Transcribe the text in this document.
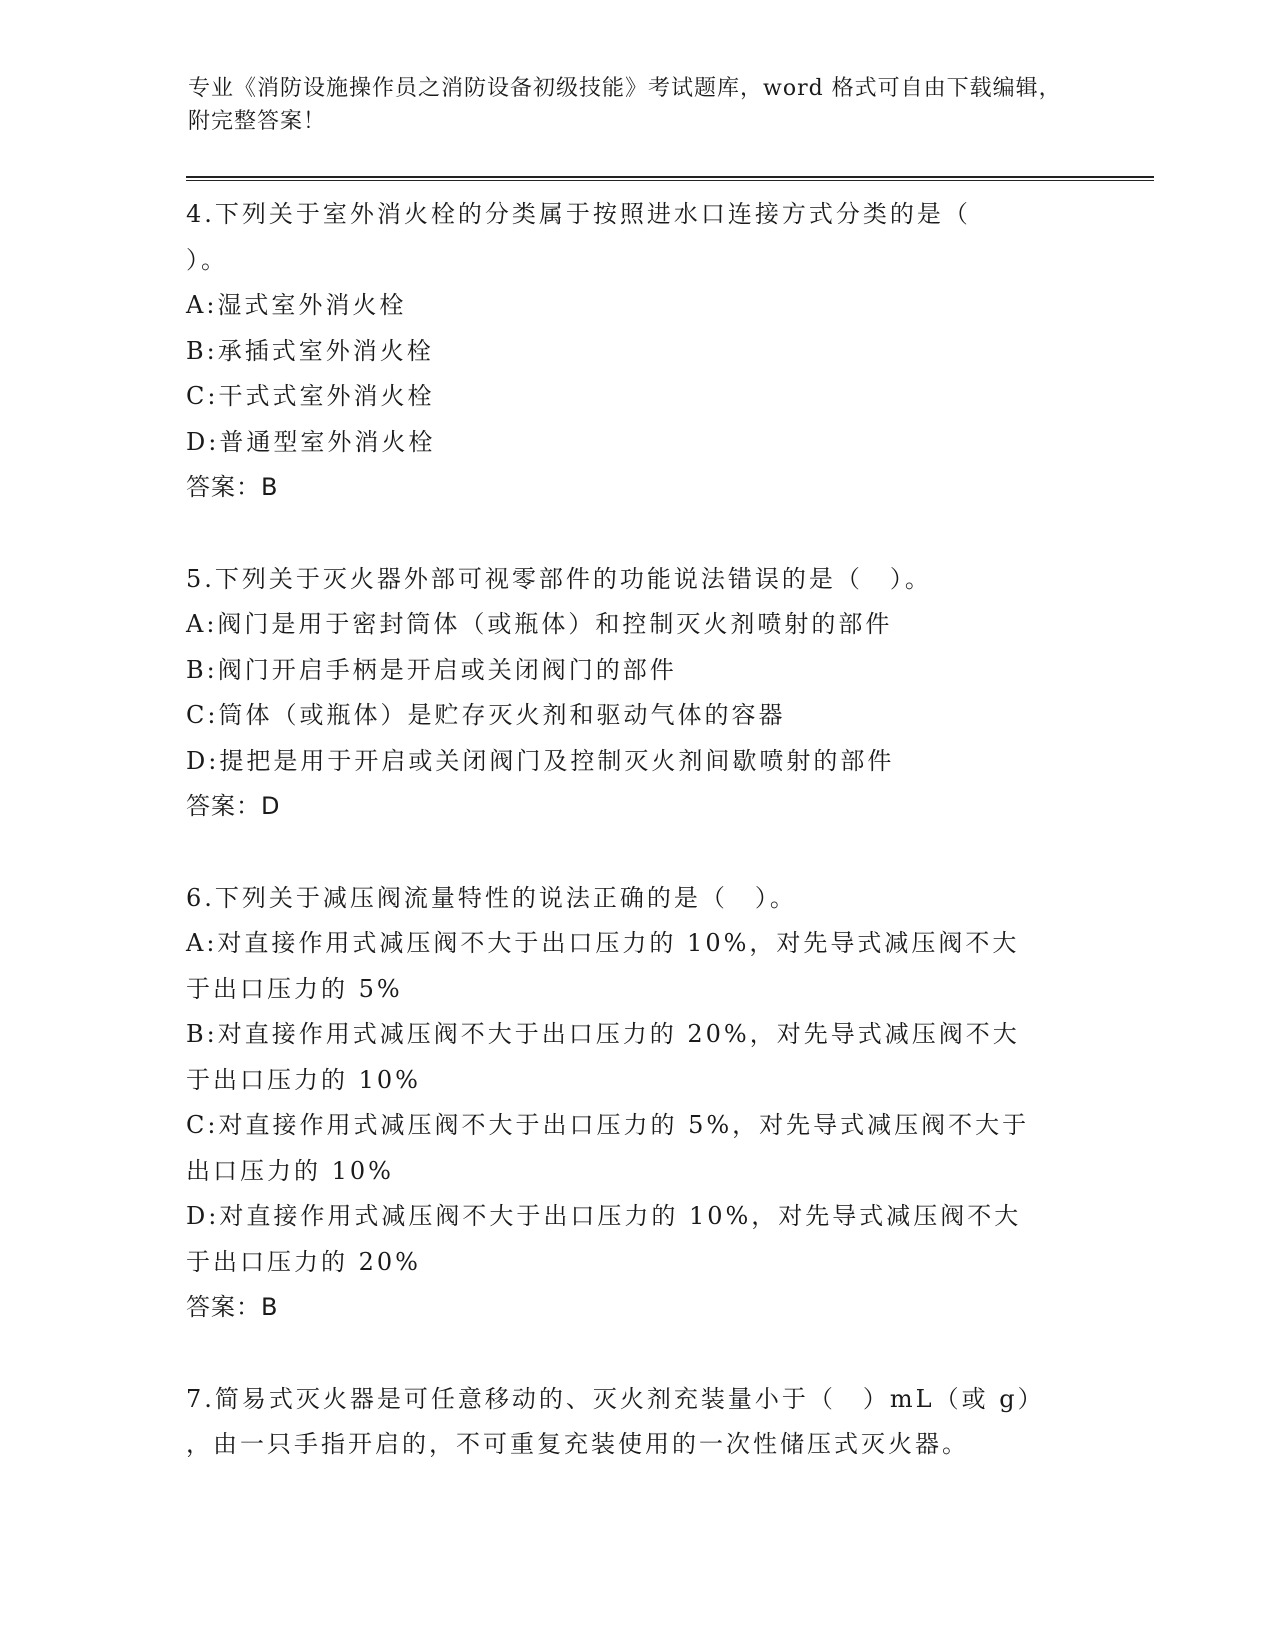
专业《消防设施操作员之消防设备初级技能》考试题库，word 格式可自由下载编辑，附完整答案！
4.下列关于室外消火栓的分类属于按照进水口连接方式分类的是（
）。
A:湿式室外消火栓
B:承插式室外消火栓
C:干式式室外消火栓
D:普通型室外消火栓
答案：B
5.下列关于灭火器外部可视零部件的功能说法错误的是（　）。
A:阀门是用于密封筒体（或瓶体）和控制灭火剂喷射的部件
B:阀门开启手柄是开启或关闭阀门的部件
C:筒体（或瓶体）是贮存灭火剂和驱动气体的容器
D:提把是用于开启或关闭阀门及控制灭火剂间歇喷射的部件
答案：D
6.下列关于减压阀流量特性的说法正确的是（　）。
A:对直接作用式减压阀不大于出口压力的 10%，对先导式减压阀不大
于出口压力的 5%
B:对直接作用式减压阀不大于出口压力的 20%，对先导式减压阀不大
于出口压力的 10%
C:对直接作用式减压阀不大于出口压力的 5%，对先导式减压阀不大于
出口压力的 10%
D:对直接作用式减压阀不大于出口压力的 10%，对先导式减压阀不大
于出口压力的 20%
答案：B
7.简易式灭火器是可任意移动的、灭火剂充装量小于（　）mL（或 g）
，由一只手指开启的，不可重复充装使用的一次性储压式灭火器。
